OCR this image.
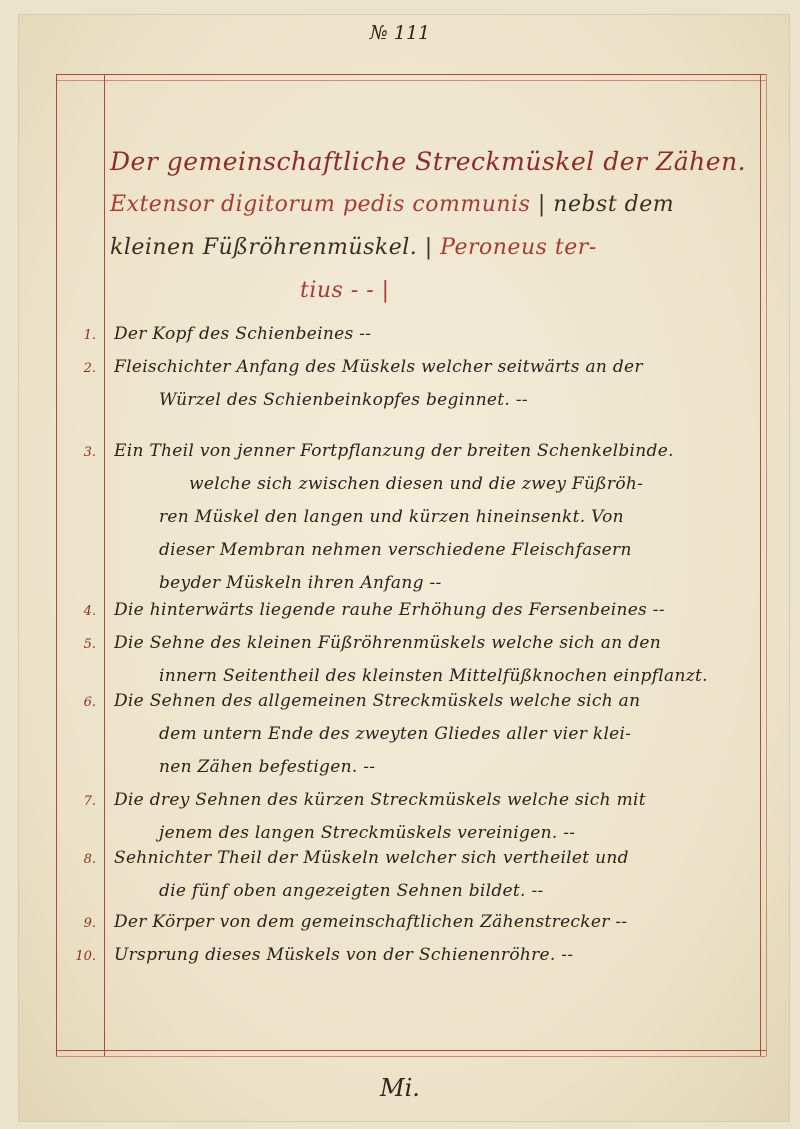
№ 111
Der gemeinschaftliche Streckmüskel der Zähen.
Extensor digitorum pedis communis | nebst dem
kleinen Füßröhrenmüskel. | Peroneus ter-
tius ‐ ‐ |
1. Der Kopf des Schienbeines ‐‐
2. Fleischichter Anfang des Müskels welcher seitwärts an der
Würzel des Schienbeinkopfes beginnet. ‐‐
3. Ein Theil von jenner Fortpflanzung der breiten Schenkelbinde.
welche sich zwischen diesen und die zwey Füßröh-
ren Müskel den langen und kürzen hineinsenkt. Von
dieser Membran nehmen verschiedene Fleischfasern
beyder Müskeln ihren Anfang ‐‐
4. Die hinterwärts liegende rauhe Erhöhung des Fersenbeines ‐‐
5. Die Sehne des kleinen Füßröhrenmüskels welche sich an den
innern Seitentheil des kleinsten Mittelfüßknochen einpflanzt.
6. Die Sehnen des allgemeinen Streckmüskels welche sich an
dem untern Ende des zweyten Gliedes aller vier klei-
nen Zähen befestigen. ‐‐
7. Die drey Sehnen des kürzen Streckmüskels welche sich mit
jenem des langen Streckmüskels vereinigen. ‐‐
8. Sehnichter Theil der Müskeln welcher sich vertheilet und
die fünf oben angezeigten Sehnen bildet. ‐‐
9. Der Körper von dem gemeinschaftlichen Zähenstrecker ‐‐
10. Ursprung dieses Müskels von der Schienenröhre. ‐‐
Mi.
